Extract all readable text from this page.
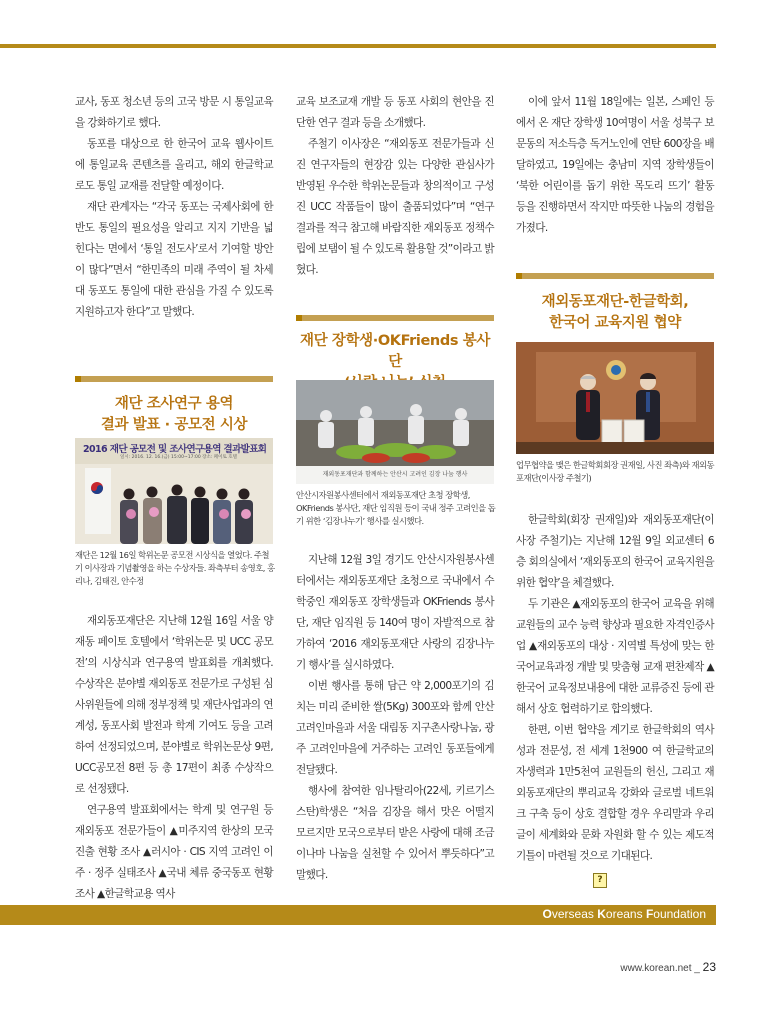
교사, 동포 청소년 등의 고국 방문 시 통일교육을 강화하기로 했다.

동포를 대상으로 한 한국어 교육 웹사이트에 통일교육 콘텐츠를 올리고, 해외 한글학교로도 통일 교재를 전달할 예정이다.

재단 관계자는 “각국 동포는 국제사회에 한반도 통일의 필요성을 알리고 지지 기반을 넓힌다는 면에서 ‘통일 전도사’로서 기여할 방안이 많다”면서 “한민족의 미래 주역이 될 차세대 동포도 통일에 대한 관심을 가질 수 있도록 지원하고자 한다”고 말했다.

재단 조사연구 용역
결과 발표 · 공모전 시상
2016 재단 공모전 및 조사연구용역 결과발표회
일시: 2016. 12. 16.(금) 15:00~17:00 장소: 페이토 호텔
재단은 12월 16일 학위논문 공모전 시상식을 열었다. 주철기 이사장과 기념촬영을 하는 수상자들. 좌측부터 송영호, 홍리나, 김태진, 안수정

재외동포재단은 지난해 12월 16일 서울 양재동 페이토 호텔에서 ‘학위논문 및 UCC 공모전’의 시상식과 연구용역 발표회를 개최했다. 수상작은 분야별 재외동포 전문가로 구성된 심사위원들에 의해 정부정책 및 재단사업과의 연계성, 동포사회 발전과 학계 기여도 등을 고려하여 선정되었으며, 분야별로 학위논문상 9편, UCC공모전 8편 등 총 17편이 최종 수상작으로 선정됐다.

연구용역 발표회에서는 학계 및 연구원 등 재외동포 전문가들이 ▲미주지역 한상의 모국진출 현황 조사 ▲러시아 · CIS 지역 고려인 이주 · 정주 실태조사 ▲국내 체류 중국동포 현황조사 ▲한글학교용 역사

교육 보조교재 개발 등 동포 사회의 현안을 진단한 연구 결과 등을 소개했다.

주철기 이사장은 “재외동포 전문가들과 신진 연구자들의 현장감 있는 다양한 관심사가 반영된 우수한 학위논문들과 창의적이고 구성진 UCC 작품들이 많이 출품되었다”며 “연구 결과를 적극 참고해 바람직한 재외동포 정책수립에 보탬이 될 수 있도록 활용할 것”이라고 밝혔다.

재단 장학생·OKFriends 봉사단
재외동포재단과 함께하는 안산시 고려인 김장 나눔 행사
안산시자원봉사센터에서 재외동포재단 초청 장학생, OKFriends 봉사단, 재단 임직원 등이 국내 정주 고려인을 돕기 위한 ‘김장나누기’ 행사를 실시했다.

지난해 12월 3일 경기도 안산시자원봉사센터에서는 재외동포재단 초청으로 국내에서 수학중인 재외동포 장학생들과 OKFriends 봉사단, 재단 임직원 등 140여 명이 자발적으로 참가하여 ‘2016 재외동포재단 사랑의 김장나누기 행사’를 실시하였다.

이번 행사를 통해 담근 약 2,000포기의 김치는 미리 준비한 쌀(5Kg) 300포와 함께 안산 고려인마을과 서울 대림동 지구촌사랑나눔, 광주 고려인마을에 거주하는 고려인 동포들에게 전달됐다.

행사에 참여한 임나탈리아(22세, 키르기스스탄)학생은 “처음 김장을 해서 맛은 어떨지 모르지만 모국으로부터 받은 사랑에 대해 조금이나마 나눔을 실천할 수 있어서 뿌듯하다”고 말했다.

이에 앞서 11월 18일에는 일본, 스페인 등에서 온 재단 장학생 10여명이 서울 성북구 보문동의 저소득층 독거노인에 연탄 600장을 배달하였고, 19일에는 충남미 지역 장학생들이 ‘북한 어린이를 돕기 위한 목도리 뜨기’ 활동 등을 진행하면서 작지만 따뜻한 나눔의 경험을 가졌다.

재외동포재단-한글학회,
한국어 교육지원 협약
업무협약을 맺은 한글학회회장 권재일, 사진 좌측)와 재외동포재단(이사장 주철기)

한글학회(회장 권재일)와 재외동포재단(이사장 주철기)는 지난해 12월 9일 외교센터 6층 회의실에서 ‘재외동포의 한국어 교육지원을 위한 협약’을 체결했다.

두 기관은 ▲재외동포의 한국어 교육을 위해 교원들의 교수 능력 향상과 필요한 자격인증사업 ▲재외동포의 대상 · 지역별 특성에 맞는 한국어교육과정 개발 및 맞춤형 교재 편찬제작 ▲한국어 교육정보내용에 대한 교류증진 등에 관해서 상호 협력하기로 합의했다.

한편, 이번 협약을 계기로 한글학회의 역사성과 전문성, 전 세계 1천900 여 한글학교의 자생력과 1만5천여 교원들의 헌신, 그리고 재외동포재단의 뿌리교육 강화와 글로벌 네트워크 구축 등이 상호 결합할 경우 우리말과 우리글이 세계화와 문화 자원화 할 수 있는 제도적 기틀이 마련될 것으로 기대된다.

?
Overseas Koreans Foundation
www.korean.net _ 23
